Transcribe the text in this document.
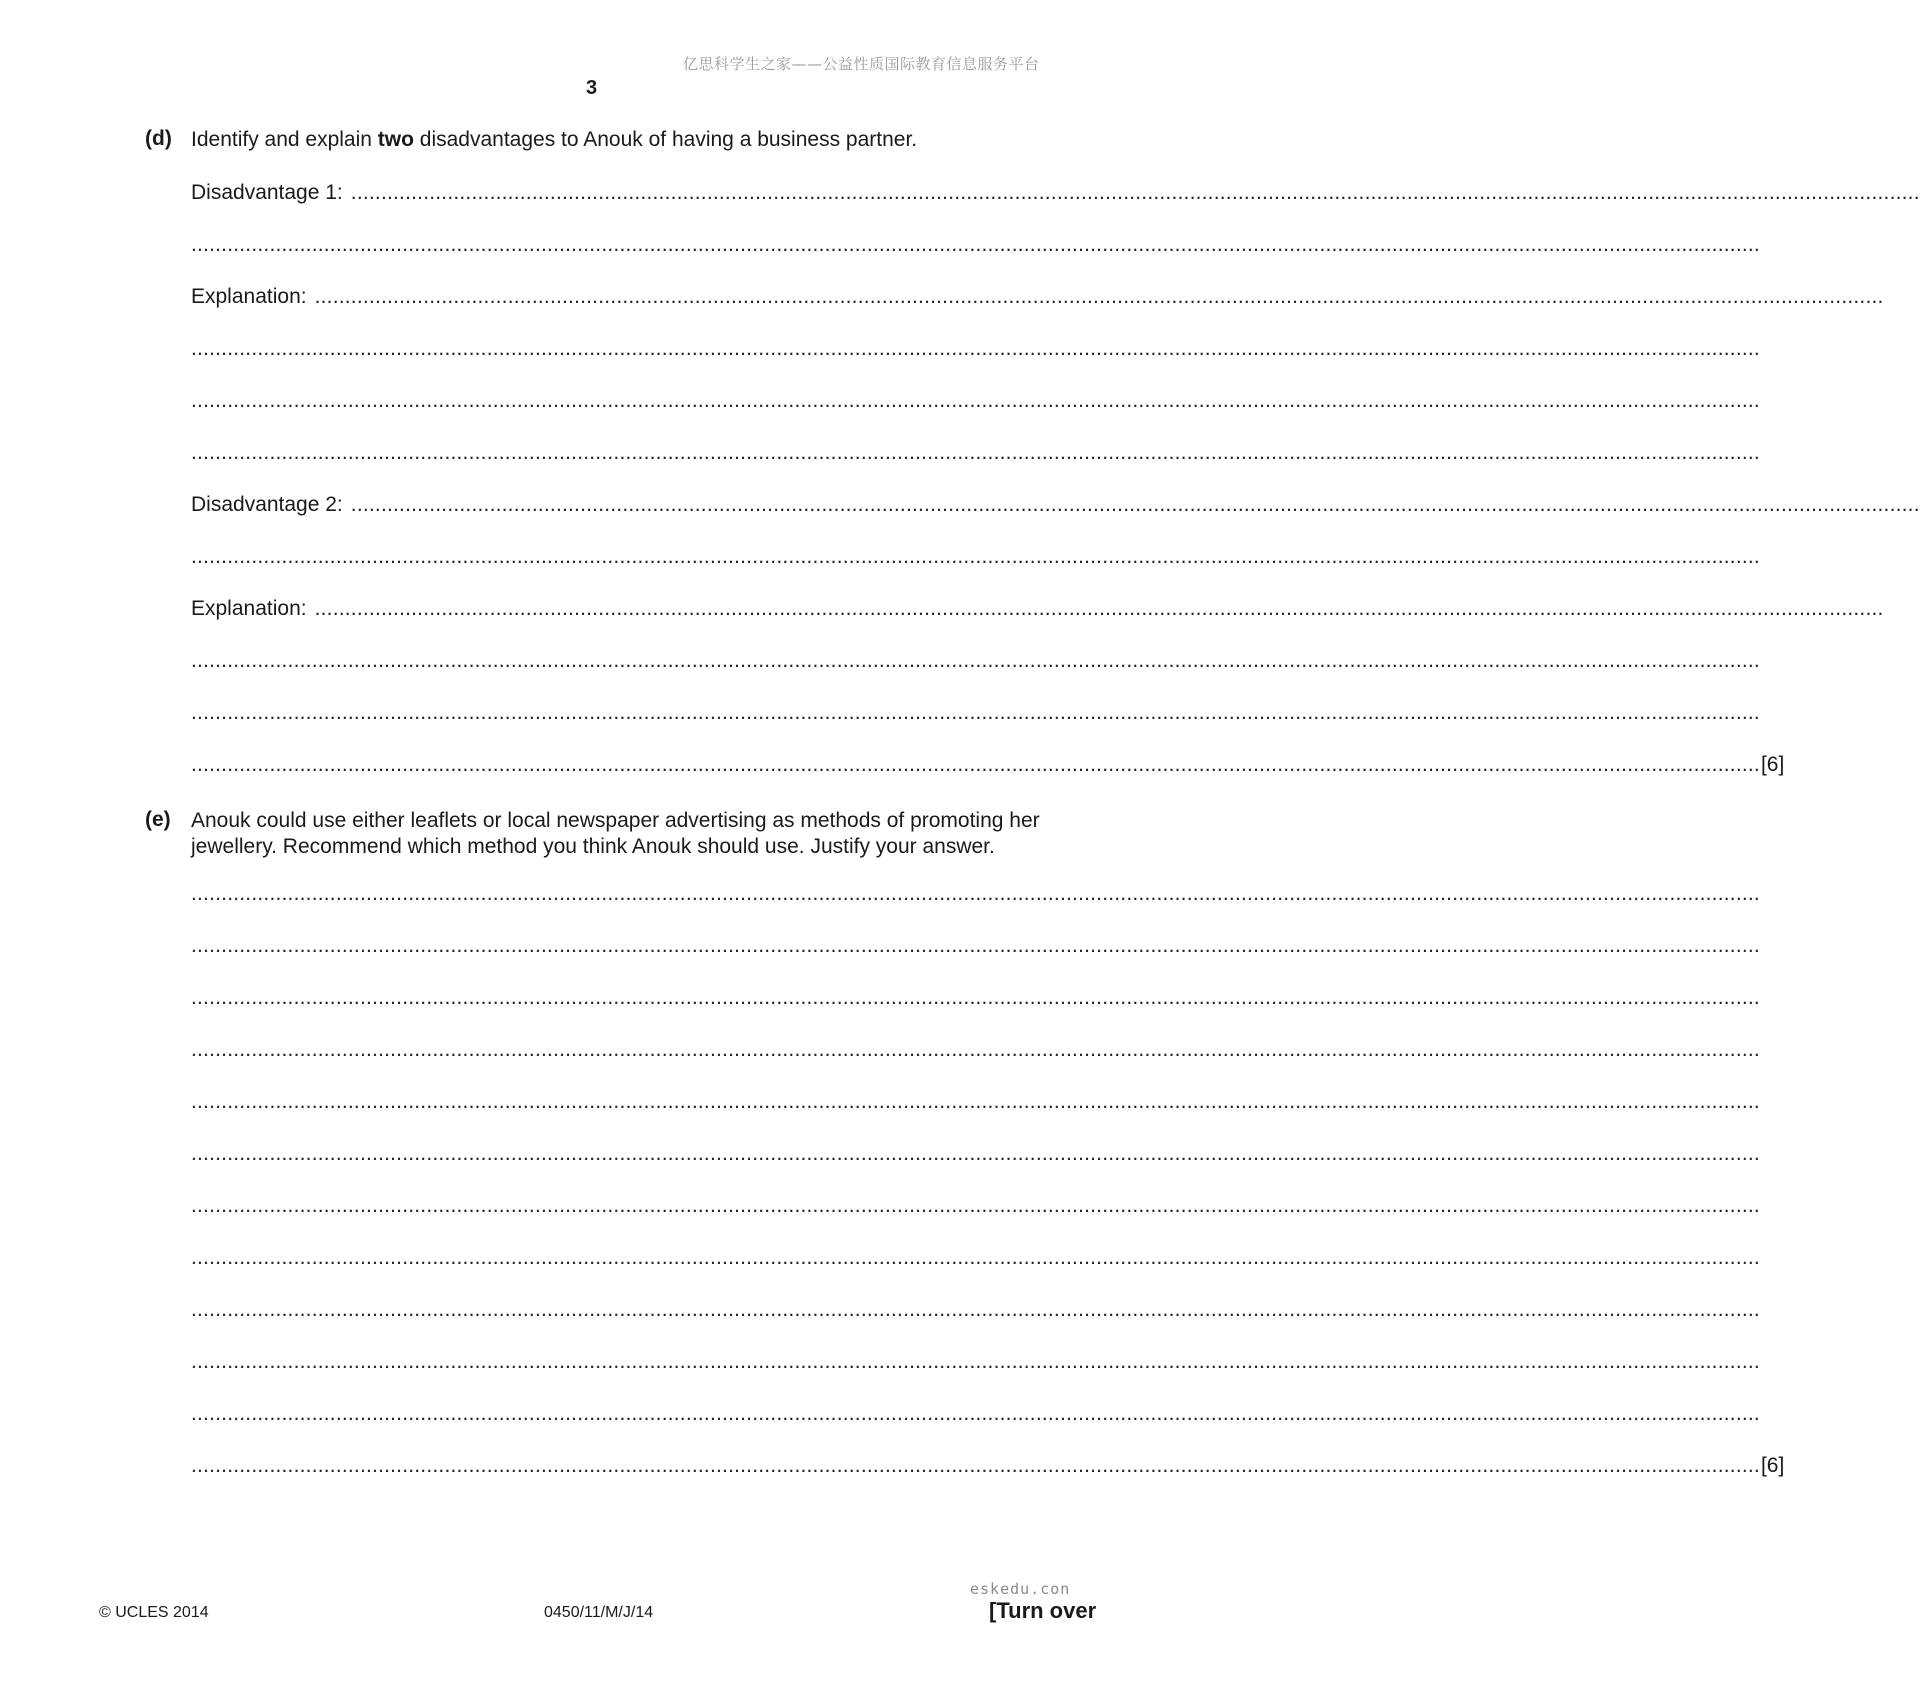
亿思科学生之家——公益性质国际教育信息服务平台
3
(d) Identify and explain two disadvantages to Anouk of having a business partner.
Disadvantage 1: ....................................................................................................................................................................................................................................................................
....................................................................................................................................................................................................................................................................
Explanation: ....................................................................................................................................................................................................................................................................
....................................................................................................................................................................................................................................................................
....................................................................................................................................................................................................................................................................
....................................................................................................................................................................................................................................................................
Disadvantage 2: ....................................................................................................................................................................................................................................................................
....................................................................................................................................................................................................................................................................
Explanation: ....................................................................................................................................................................................................................................................................
....................................................................................................................................................................................................................................................................
....................................................................................................................................................................................................................................................................
.................................................................................................................................................................................................................................................................... [6]
(e) Anouk could use either leaflets or local newspaper advertising as methods of promoting her jewellery. Recommend which method you think Anouk should use. Justify your answer.
....................................................................................................................................................................................................................................................................
....................................................................................................................................................................................................................................................................
....................................................................................................................................................................................................................................................................
....................................................................................................................................................................................................................................................................
....................................................................................................................................................................................................................................................................
....................................................................................................................................................................................................................................................................
....................................................................................................................................................................................................................................................................
....................................................................................................................................................................................................................................................................
....................................................................................................................................................................................................................................................................
....................................................................................................................................................................................................................................................................
....................................................................................................................................................................................................................................................................
.................................................................................................................................................................................................................................................................... [6]
© UCLES 2014	0450/11/M/J/14
eskedu.con
[Turn over
